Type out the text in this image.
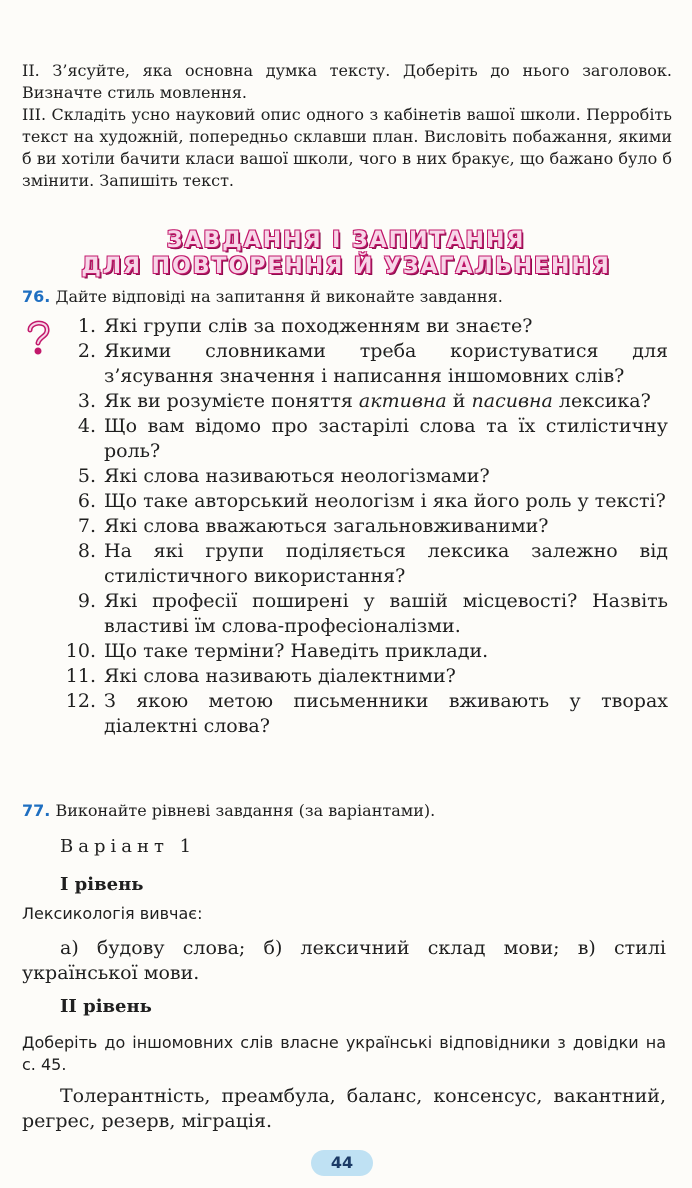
II. З’ясуйте, яка основна думка тексту. Доберіть до нього заголовок. Визначте стиль мовлення.

III. Складіть усно науковий опис одного з кабінетів вашої школи. Перробіть текст на художній, попередньо склавши план. Висловіть побажання, якими б ви хотіли бачити класи вашої школи, чого в них бракує, що бажано було б змінити. Запишіть текст.

ЗАВДАННЯ І ЗАПИТАННЯ
ДЛЯ ПОВТОРЕННЯ Й УЗАГАЛЬНЕННЯ
76. Дайте відповіді на запитання й виконайте завдання.
1. Які групи слів за походженням ви знаєте?
2. Якими словниками треба користуватися для з’ясування значення і написання іншомовних слів?
3. Як ви розумієте поняття активна й пасивна лексика?
4. Що вам відомо про застарілі слова та їх стилістичну роль?
5. Які слова називаються неологізмами?
6. Що таке авторський неологізм і яка його роль у тексті?
7. Які слова вважаються загальновживаними?
8. На які групи поділяється лексика залежно від стилістичного використання?
9. Які професії поширені у вашій місцевості? Назвіть властиві їм слова-професіоналізми.
10. Що таке терміни? Наведіть приклади.
11. Які слова називають діалектними?
12. З якою метою письменники вживають у творах діалектні слова?
77. Виконайте рівневі завдання (за варіантами).
Варіант 1
I рівень
Лексикологія вивчає:
а) будову слова; б) лексичний склад мови; в) стилі української мови.
II рівень
Доберіть до іншомовних слів власне українські відповідники з довідки на с. 45.
Толерантність, преамбула, баланс, консенсус, вакантний, регрес, резерв, міграція.
44
